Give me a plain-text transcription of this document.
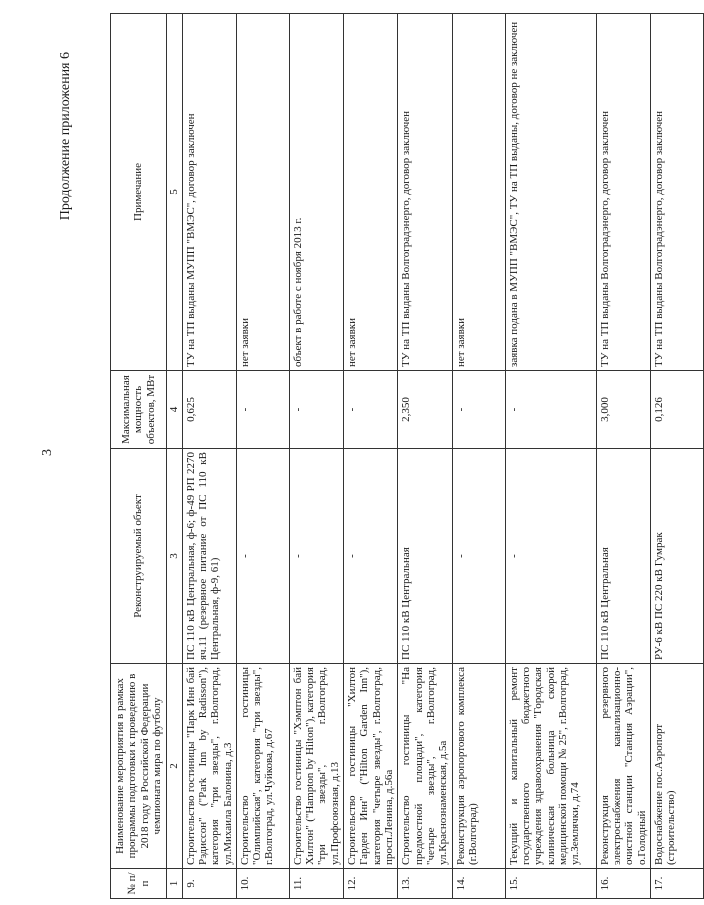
3
Продолжение приложения 6
№ п/п	Наименование мероприятия в рамках программы подготовки к проведению в 2018 году в Российской Федерации чемпионата мира по футболу	Реконструируемый объект	Максимальная мощность объектов, МВт	Примечание
1	2	3	4	5
9.	Строительство гостиницы "Парк Инн бай Рэдиссон" ("Park Inn by Radisson"), категория "три звезды", г.Волгоград, ул.Михаила Балонина, д.3	ПС 110 кВ Центральная, ф-6; ф-49 РП 2270 яч.11 (резервное питание от ПС 110 кВ Центральная, ф-9, 61)	0,625	ТУ на ТП выданы МУПП "ВМЭС", договор заключен
10.	Строительство гостиницы "Олимпийская", категория "три звезды", г.Волгоград, ул.Чуйкова, д.67	-	-	нет заявки
11.	Строительство гостиницы "Хэмптон бай Хилтон" ("Hampton by Hilton"), категория "три звезды", г.Волгоград, ул.Профсоюзная, д.13	-	-	объект в работе с ноября 2013 г.
12.	Строительство гостиницы "Хилтон Гарден Инн" ("Hilton Garden Inn"), категория "четыре звезды", г.Волгоград, просп.Ленина, д.56а	-	-	нет заявки
13.	Строительство гостиницы "На предмостной площади", категория "четыре звезды", г.Волгоград, ул.Краснознаменская, д.5а	ПС 110 кВ Центральная	2,350	ТУ на ТП выданы Волгоградэнерго, договор заключен
14.	Реконструкция аэропортового комплекса (г.Волгоград)	-	-	нет заявки
15.	Текущий и капитальный ремонт государственного бюджетного учреждения здравоохранения "Городская клиническая больница скорой медицинской помощи № 25", г.Волгоград, ул.Землячки, д.74	-	-	заявка подана в МУПП "ВМЭС", ТУ на ТП выданы, договор не заключен
16.	Реконструкция резервного электроснабжения канализационно-очистной станции "Станция Аэрации", о.Голодный	ПС 110 кВ Центральная	3,000	ТУ на ТП выданы Волгоградэнерго, договор заключен
17.	Водоснабжение пос.Аэропорт (строительство)	РУ-6 кВ ПС 220 кВ Гумрак	0,126	ТУ на ТП выданы Волгоградэнерго, договор заключен
